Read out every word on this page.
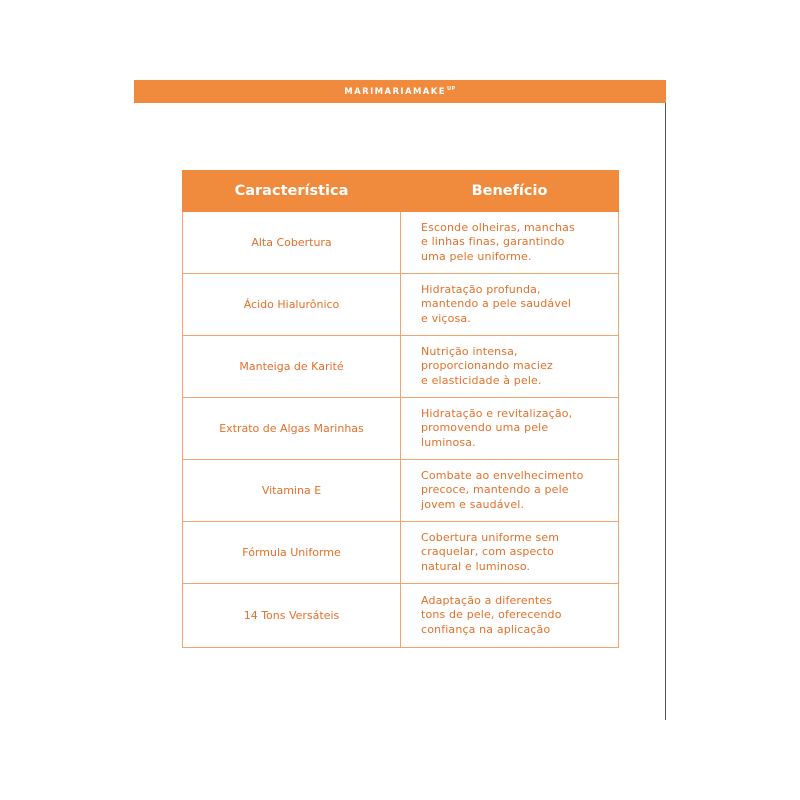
MARIMARIAMAKE UP
Característica	Benefício
Alta Cobertura	Esconde olheiras, manchas
e linhas finas, garantindo
uma pele uniforme.
Ácido Hialurônico	Hidratação profunda,
mantendo a pele saudável
e viçosa.
Manteiga de Karité	Nutrição intensa,
proporcionando maciez
e elasticidade à pele.
Extrato de Algas Marinhas	Hidratação e revitalização,
promovendo uma pele
luminosa.
Vitamina E	Combate ao envelhecimento
precoce, mantendo a pele
jovem e saudável.
Fórmula Uniforme	Cobertura uniforme sem
craquelar, com aspecto
natural e luminoso.
14 Tons Versáteis	Adaptação a diferentes
tons de pele, oferecendo
confiança na aplicação
